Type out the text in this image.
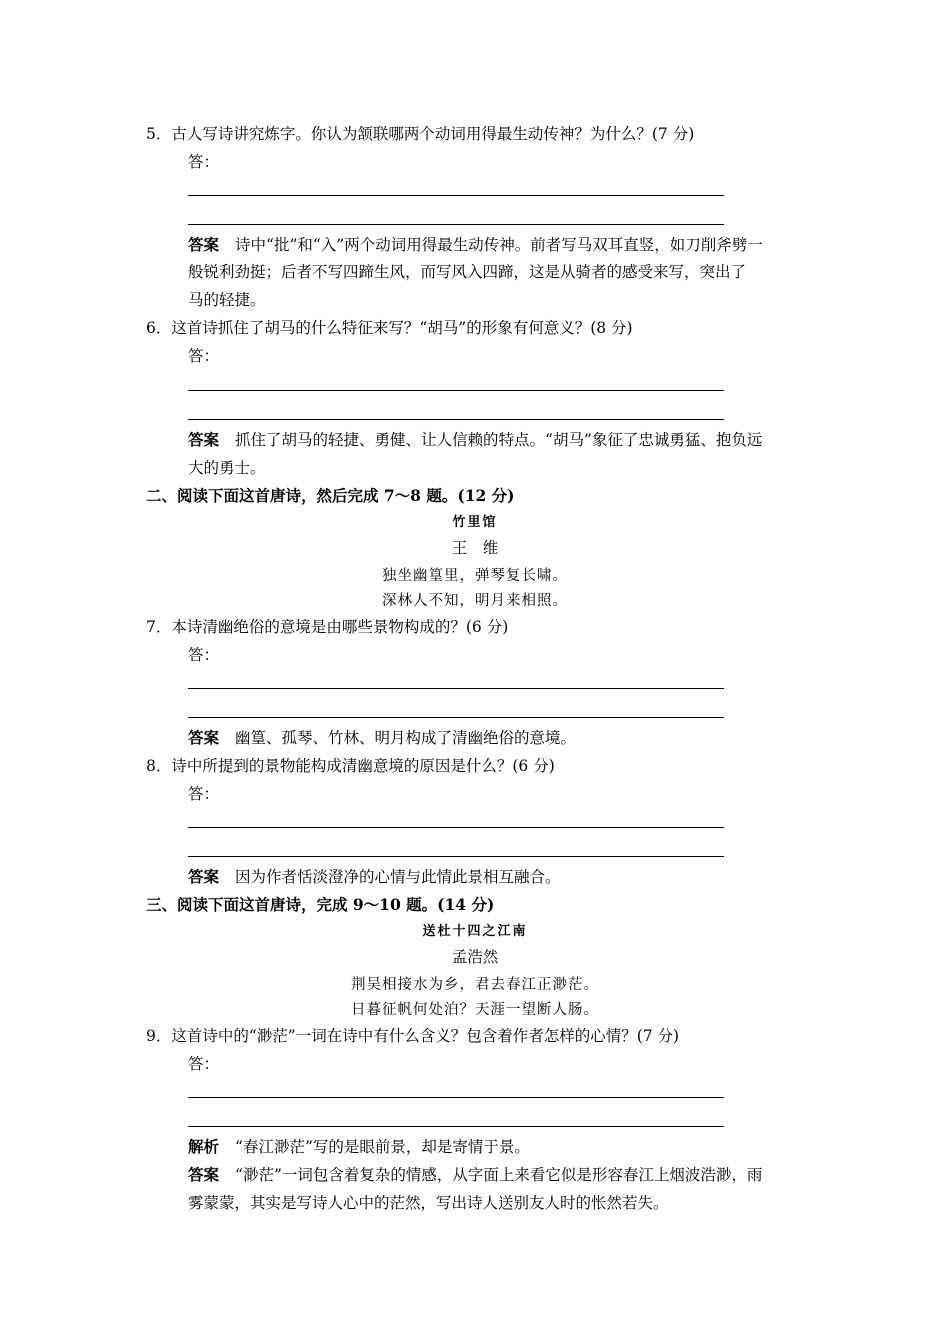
5．古人写诗讲究炼字。你认为颔联哪两个动词用得最生动传神？为什么？(7 分)
答：
答案 诗中“批”和“入”两个动词用得最生动传神。前者写马双耳直竖，如刀削斧劈一
般锐利劲挺；后者不写四蹄生风，而写风入四蹄，这是从骑者的感受来写，突出了
马的轻捷。
6．这首诗抓住了胡马的什么特征来写？“胡马”的形象有何意义？(8 分)
答：
答案 抓住了胡马的轻捷、勇健、让人信赖的特点。“胡马”象征了忠诚勇猛、抱负远
大的勇士。
二、阅读下面这首唐诗，然后完成 7～8 题。(12 分)
竹里馆
王　维
独坐幽篁里，弹琴复长啸。
深林人不知，明月来相照。
7．本诗清幽绝俗的意境是由哪些景物构成的？(6 分)
答：
答案 幽篁、孤琴、竹林、明月构成了清幽绝俗的意境。
8．诗中所提到的景物能构成清幽意境的原因是什么？(6 分)
答：
答案 因为作者恬淡澄净的心情与此情此景相互融合。
三、阅读下面这首唐诗，完成 9～10 题。(14 分)
送杜十四之江南
孟浩然
荆吴相接水为乡，君去春江正渺茫。
日暮征帆何处泊？天涯一望断人肠。
9．这首诗中的“渺茫”一词在诗中有什么含义？包含着作者怎样的心情？(7 分)
答：
解析 “春江渺茫”写的是眼前景，却是寄情于景。
答案 “渺茫”一词包含着复杂的情感，从字面上来看它似是形容春江上烟波浩渺，雨
雾蒙蒙，其实是写诗人心中的茫然，写出诗人送别友人时的怅然若失。
